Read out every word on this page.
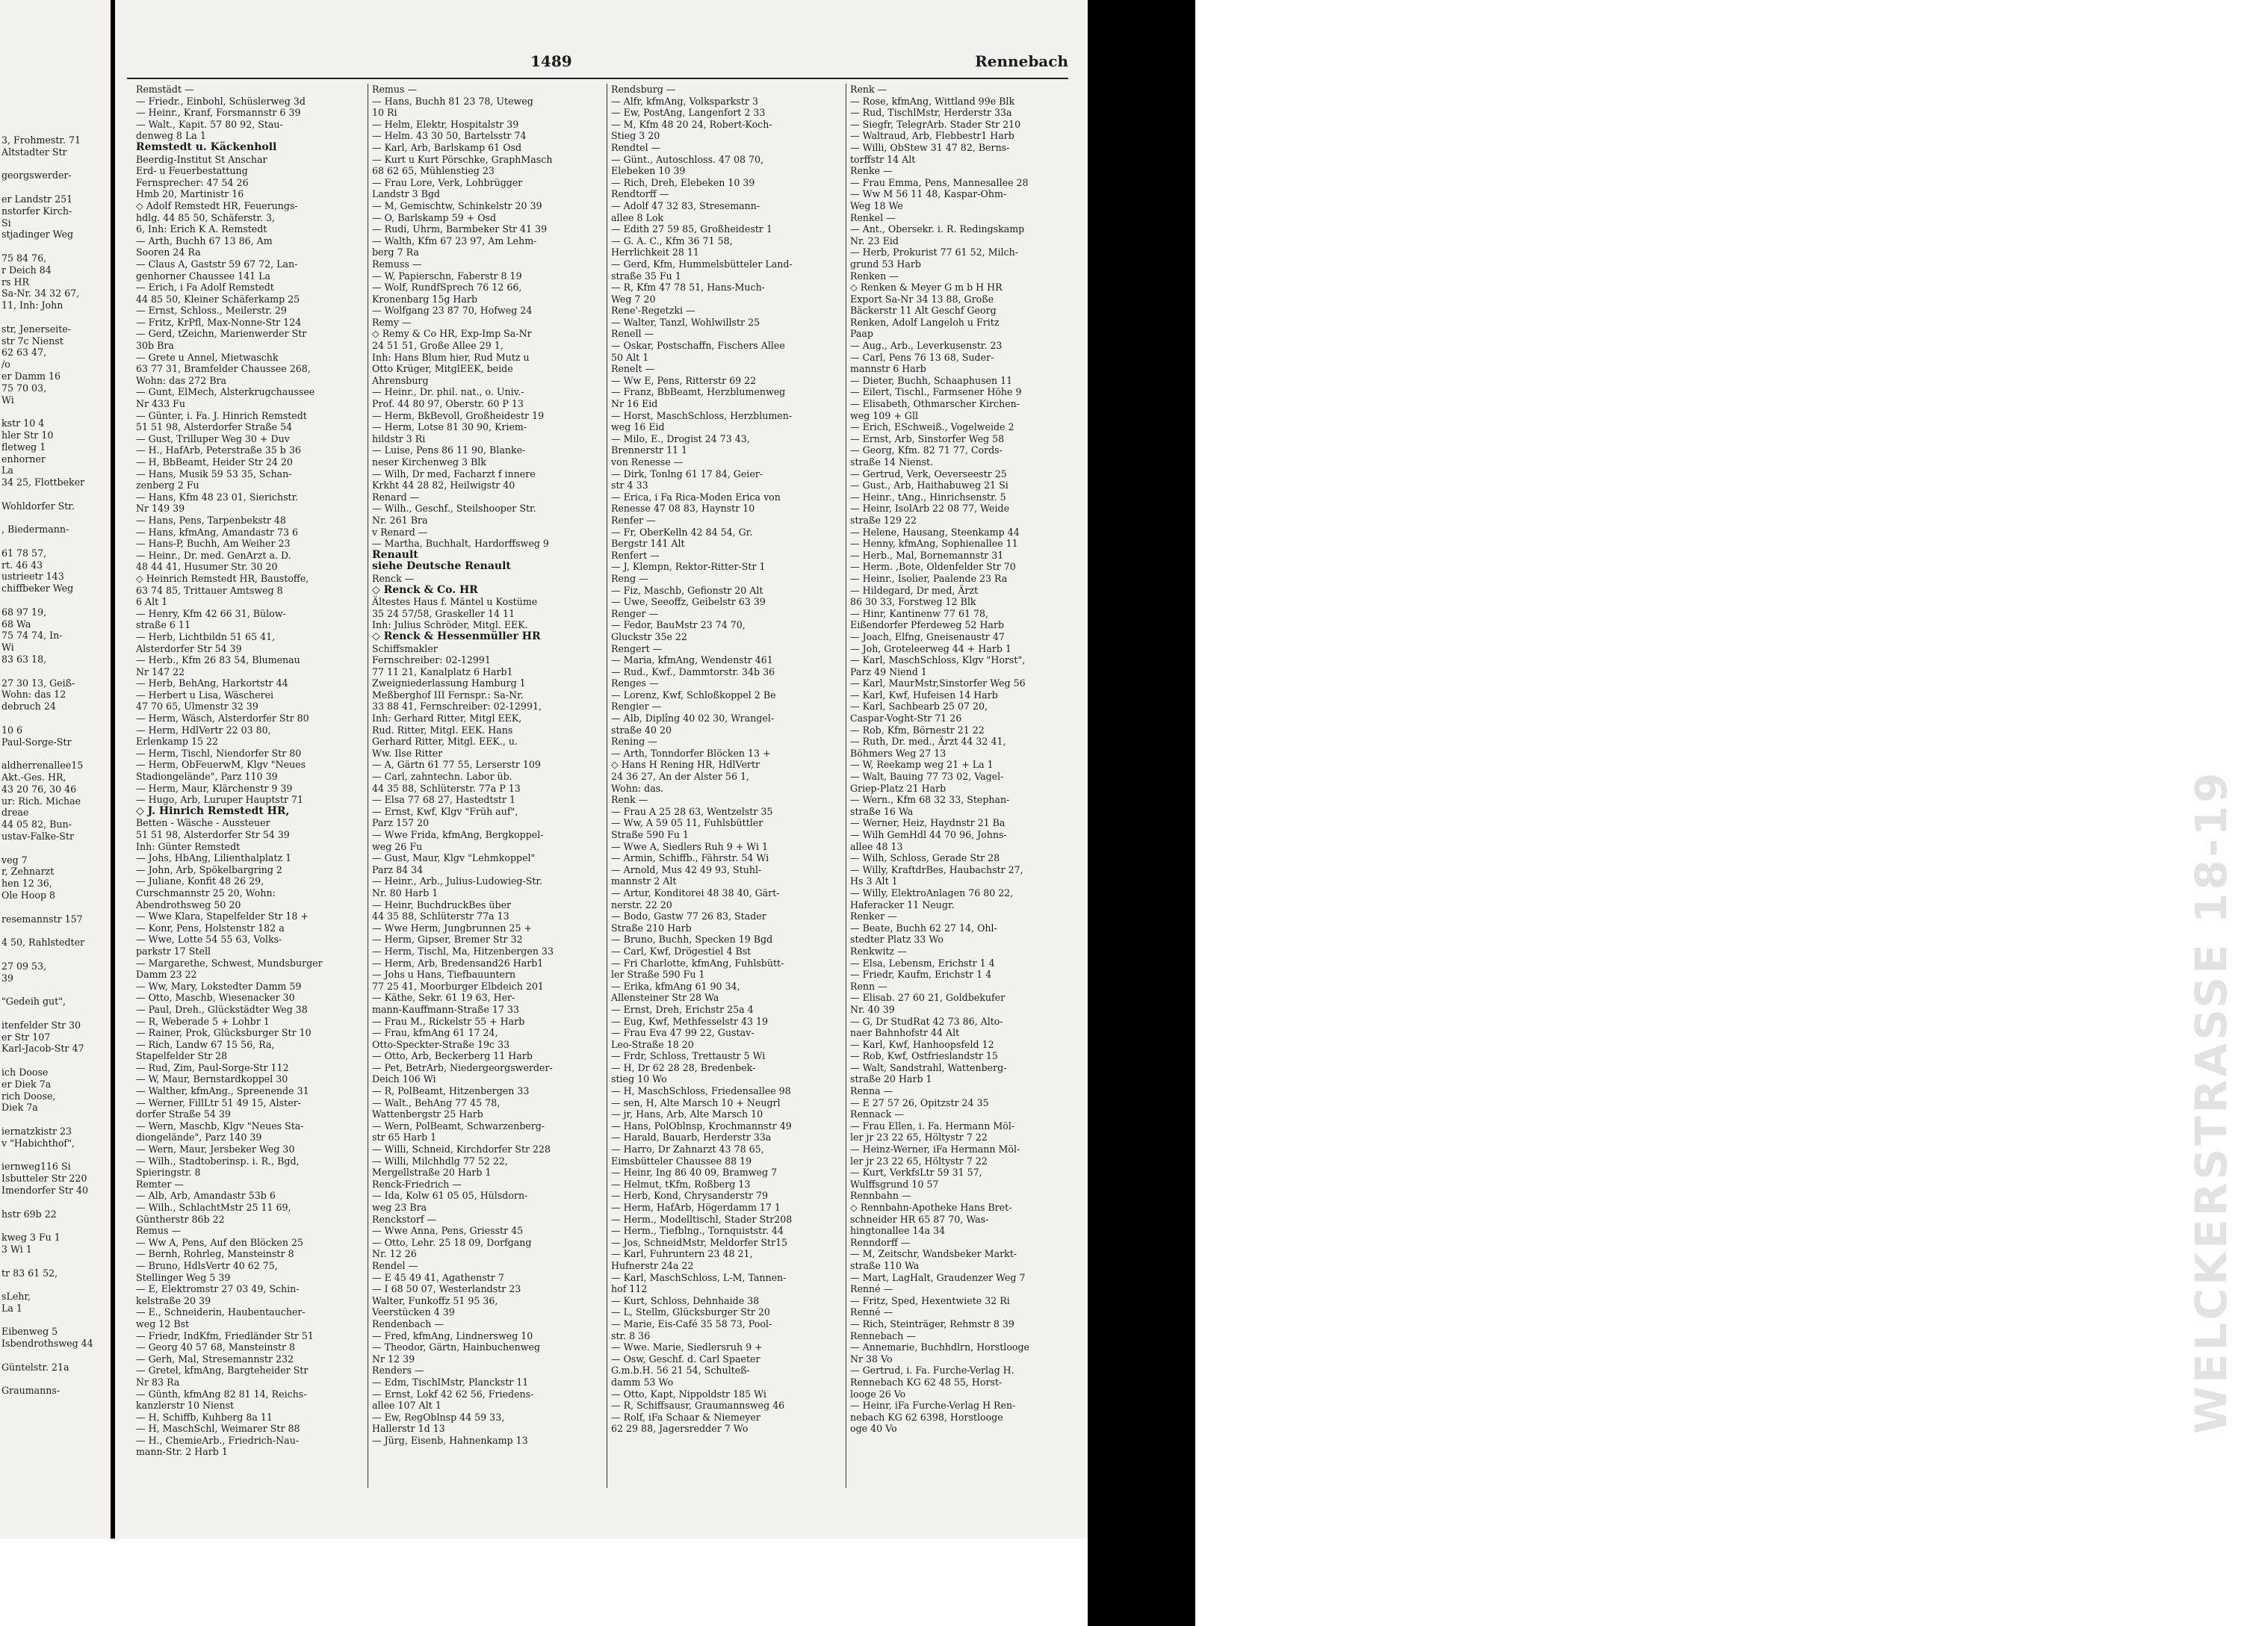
WELCKERSTRASSE 18-19
3, Frohmestr. 71
Altstadter Str

georgswerder-

er Landstr 251
nstorfer Kirch-
Si
stjadinger Weg

75 84 76,
r Deich 84
rs HR
Sa-Nr. 34 32 67,
11, Inh: John

str, Jenerseite-
str 7c Nienst
62 63 47,
/o
er Damm 16
75 70 03,
Wi

kstr 10 4
hler Str 10
fletweg 1
enhorner
La
34 25, Flottbeker

Wohldorfer Str.

, Biedermann-

61 78 57,
rt. 46 43
ustrieetr 143
chiffbeker Weg

68 97 19,
68 Wa
75 74 74, In-
Wi
83 63 18,

27 30 13, Geiß-
Wohn: das 12
debruch 24

10 6
Paul-Sorge-Str

aldherrenallee15
Akt.-Ges. HR,
43 20 76, 30 46
ur: Rich. Michae
dreae
44 05 82, Bun-
ustav-Falke-Str

veg 7
r, Zehnarzt
hen 12 36,
Ole Hoop 8

resemannstr 157

4 50, Rahlstedter

27 09 53,
39

"Gedeih gut",

itenfelder Str 30
er Str 107
Karl-Jacob-Str 47

ich Doose
er Diek 7a
rich Doose,
Diek 7a

iernatzkistr 23
v "Habichthof",

iernweg116 Si
Isbutteler Str 220
Imendorfer Str 40

hstr 69b 22

kweg 3 Fu 1
3 Wi 1

tr 83 61 52,

sLehr,
La 1

Eibenweg 5
Isbendrothsweg 44

Güntelstr. 21a

Graumanns-
1489	Rennebach
Remstädt —
— Friedr., Einbohl, Schüslerweg 3d
— Heinr., Kranf, Forsmannstr 6 39
— Walt., Kapit. 57 80 92, Stau-
denweg 8 La 1
Remstedt u. Käckenholl
Beerdig-Institut St Anschar
Erd- u Feuerbestattung
Fernsprecher: 47 54 26
Hmb 20, Martinistr 16
◇ Adolf Remstedt HR, Feuerungs-
hdlg. 44 85 50, Schäferstr. 3,
6, Inh: Erich K A. Remstedt
— Arth, Buchh 67 13 86, Am
Sooren 24 Ra
— Claus A, Gaststr 59 67 72, Lan-
genhorner Chaussee 141 La
— Erich, i Fa Adolf Remstedt
44 85 50, Kleiner Schäferkamp 25
— Ernst, Schloss., Meilerstr. 29
— Fritz, KrPfl, Max-Nonne-Str 124
— Gerd, tZeichn, Marienwerder Str
30b Bra
— Grete u Annel, Mietwaschk
63 77 31, Bramfelder Chaussee 268,
Wohn: das 272 Bra
— Gunt, ElMech, Alsterkrugchaussee
Nr 433 Fu
— Günter, i. Fa. J. Hinrich Remstedt
51 51 98, Alsterdorfer Straße 54
— Gust, Trilluper Weg 30 + Duv
— H., HafArb, Peterstraße 35 b 36
— H, BbBeamt, Heider Str 24 20
— Hans, Musik 59 53 35, Schan-
zenberg 2 Fu
— Hans, Kfm 48 23 01, Sierichstr.
Nr 149 39
— Hans, Pens, Tarpenbekstr 48
— Hans, kfmAng, Amandastr 73 6
— Hans-P, Buchh, Am Weiher 23
— Heinr., Dr. med. GenArzt a. D.
48 44 41, Husumer Str. 30 20
◇ Heinrich Remstedt HR, Baustoffe,
63 74 85, Trittauer Amtsweg 8
6 Alt 1
— Henry, Kfm 42 66 31, Bülow-
straße 6 11
— Herb, Lichtbildn 51 65 41,
Alsterdorfer Str 54 39
— Herb., Kfm 26 83 54, Blumenau
Nr 147 22
— Herb, BehAng, Harkortstr 44
— Herbert u Lisa, Wäscherei
47 70 65, Ulmenstr 32 39
— Herm, Wäsch, Alsterdorfer Str 80
— Herm, HdlVertr 22 03 80,
Erlenkamp 15 22
— Herm, Tischl, Niendorfer Str 80
— Herm, ObFeuerwM, Klgv "Neues
Stadiongelände", Parz 110 39
— Herm, Maur, Klärchenstr 9 39
— Hugo, Arb, Luruper Hauptstr 71
◇ J. Hinrich Remstedt HR,
Betten - Wäsche - Aussteuer
51 51 98, Alsterdorfer Str 54 39
Inh: Günter Remstedt
— Johs, HbAng, Lilienthalplatz 1
— John, Arb, Spökelbargring 2
— Juliane, Konfit 48 26 29,
Curschmannstr 25 20, Wohn:
Abendrothsweg 50 20
— Wwe Klara, Stapelfelder Str 18 +
— Konr, Pens, Holstenstr 182 a
— Wwe, Lotte 54 55 63, Volks-
parkstr 17 Stell
— Margarethe, Schwest, Mundsburger
Damm 23 22
— Ww, Mary, Lokstedter Damm 59
— Otto, Maschb, Wiesenacker 30
— Paul, Dreh., Glückstädter Weg 38
— R, Weberade 5 + Lohbr 1
— Rainer, Prok, Glücksburger Str 10
— Rich, Landw 67 15 56, Ra,
Stapelfelder Str 28
— Rud, Zim, Paul-Sorge-Str 112
— W, Maur, Bernstardkoppel 30
— Walther, kfmAng., Spreenende 31
— Werner, FillLtr 51 49 15, Alster-
dorfer Straße 54 39
— Wern, Maschb, Klgv "Neues Sta-
diongelände", Parz 140 39
— Wern, Maur, Jersbeker Weg 30
— Wilh., Stadtoberinsp. i. R., Bgd,
Spieringstr. 8
Remter —
— Alb, Arb, Amandastr 53b 6
— Wilh., SchlachtMstr 25 11 69,
Güntherstr 86b 22
Remus —
— Ww A, Pens, Auf den Blöcken 25
— Bernh, Rohrleg, Mansteinstr 8
— Bruno, HdlsVertr 40 62 75,
Stellinger Weg 5 39
— E, Elektromstr 27 03 49, Schin-
kelstraße 20 39
— E., Schneiderin, Haubentaucher-
weg 12 Bst
— Friedr, IndKfm, Friedländer Str 51
— Georg 40 57 68, Mansteinstr 8
— Gerh, Mal, Stresemannstr 232
— Gretel, kfmAng, Bargteheider Str
Nr 83 Ra
— Günth, kfmAng 82 81 14, Reichs-
kanzlerstr 10 Nienst
— H, Schiffb, Kuhberg 8a 11
— H, MaschSchl, Weimarer Str 88
— H., ChemieArb., Friedrich-Nau-
mann-Str. 2 Harb 1
Remus —
— Hans, Buchh 81 23 78, Uteweg
10 Ri
— Helm, Elektr, Hospitalstr 39
— Helm. 43 30 50, Bartelsstr 74
— Karl, Arb, Barlskamp 61 Osd
— Kurt u Kurt Pörschke, GraphMasch
68 62 65, Mühlenstieg 23
— Frau Lore, Verk, Lohbrügger
Landstr 3 Bgd
— M, Gemischtw, Schinkelstr 20 39
— O, Barlskamp 59 + Osd
— Rudi, Uhrm, Barmbeker Str 41 39
— Walth, Kfm 67 23 97, Am Lehm-
berg 7 Ra
Remuss —
— W, Papierschn, Faberstr 8 19
— Wolf, RundfSprech 76 12 66,
Kronenbarg 15g Harb
— Wolfgang 23 87 70, Hofweg 24
Remy —
◇ Remy & Co HR, Exp-Imp Sa-Nr
24 51 51, Große Allee 29 1,
Inh: Hans Blum hier, Rud Mutz u
Otto Krüger, MitglEEK, beide
Ahrensburg
— Heinr., Dr. phil. nat., o. Univ.-
Prof. 44 80 97, Oberstr. 60 P 13
— Herm, BkBevoll, Großheidestr 19
— Herm, Lotse 81 30 90, Kriem-
hildstr 3 Ri
— Luise, Pens 86 11 90, Blanke-
neser Kirchenweg 3 Blk
— Wilh, Dr med, Facharzt f innere
Krkht 44 28 82, Heilwigstr 40
Renard —
— Wilh., Geschf., Steilshooper Str.
Nr. 261 Bra
v Renard —
— Martha, Buchhalt, Hardorffsweg 9
Renault
siehe Deutsche Renault
Renck —
◇ Renck & Co. HR
Ältestes Haus f. Mäntel u Kostüme
35 24 57/58, Graskeller 14 11
Inh: Julius Schröder, Mitgl. EEK.
◇ Renck & Hessenmüller HR
Schiffsmakler
Fernschreiber: 02-12991
77 11 21, Kanalplatz 6 Harb1
Zweigniederlassung Hamburg 1
Meßberghof III Fernspr.: Sa-Nr.
33 88 41, Fernschreiber: 02-12991,
Inh: Gerhard Ritter, Mitgl EEK,
Rud. Ritter, Mitgl. EEK. Hans
Gerhard Ritter, Mitgl. EEK., u.
Ww. Ilse Ritter
— A, Gärtn 61 77 55, Lerserstr 109
— Carl, zahntechn. Labor üb.
44 35 88, Schlüterstr. 77a P 13
— Elsa 77 68 27, Hastedtstr 1
— Ernst, Kwf, Klgv "Früh auf",
Parz 157 20
— Wwe Frida, kfmAng, Bergkoppel-
weg 26 Fu
— Gust, Maur, Klgv "Lehmkoppel"
Parz 84 34
— Heinr., Arb., Julius-Ludowieg-Str.
Nr. 80 Harb 1
— Heinr, BuchdruckBes über
44 35 88, Schlüterstr 77a 13
— Wwe Herm, Jungbrunnen 25 +
— Herm, Gipser, Bremer Str 32
— Herm, Tischl, Ma, Hitzenbergen 33
— Herm, Arb, Bredensand26 Harb1
— Johs u Hans, Tiefbauuntern
77 25 41, Moorburger Elbdeich 201
— Käthe, Sekr. 61 19 63, Her-
mann-Kauffmann-Straße 17 33
— Frau M., Rickelstr 55 + Harb
— Frau, kfmAng 61 17 24,
Otto-Speckter-Straße 19c 33
— Otto, Arb, Beckerberg 11 Harb
— Pet, BetrArb, Niedergeorgswerder-
Deich 106 Wi
— R, PolBeamt, Hitzenbergen 33
— Walt., BehAng 77 45 78,
Wattenbergstr 25 Harb
— Wern, PolBeamt, Schwarzenberg-
str 65 Harb 1
— Willi, Schneid, Kirchdorfer Str 228
— Willi, Milchhdlg 77 52 22,
Mergellstraße 20 Harb 1
Renck-Friedrich —
— Ida, Kolw 61 05 05, Hülsdorn-
weg 23 Bra
Renckstorf —
— Wwe Anna, Pens, Griesstr 45
— Otto, Lehr. 25 18 09, Dorfgang
Nr. 12 26
Rendel —
— E 45 49 41, Agathenstr 7
— I 68 50 07, Westerlandstr 23
Walter, Funkoffz 51 95 36,
Veerstücken 4 39
Rendenbach —
— Fred, kfmAng, Lindnersweg 10
— Theodor, Gärtn, Hainbuchenweg
Nr 12 39
Renders —
— Edm, TischlMstr, Planckstr 11
— Ernst, Lokf 42 62 56, Friedens-
allee 107 Alt 1
— Ew, RegOblnsp 44 59 33,
Hallerstr 1d 13
— Jürg, Eisenb, Hahnenkamp 13
Rendsburg —
— Alfr, kfmAng, Volksparkstr 3
— Ew, PostAng, Langenfort 2 33
— M, Kfm 48 20 24, Robert-Koch-
Stieg 3 20
Rendtel —
— Günt., Autoschloss. 47 08 70,
Elebeken 10 39
— Rich, Dreh, Elebeken 10 39
Rendtorff —
— Adolf 47 32 83, Stresemann-
allee 8 Lok
— Edith 27 59 85, Großheidestr 1
— G. A. C., Kfm 36 71 58,
Herrlichkeit 28 11
— Gerd, Kfm, Hummelsbütteler Land-
straße 35 Fu 1
— R, Kfm 47 78 51, Hans-Much-
Weg 7 20
Rene'-Regetzki —
— Walter, Tanzl, Wohlwillstr 25
Renell —
— Oskar, Postschaffn, Fischers Allee
50 Alt 1
Renelt —
— Ww E, Pens, Ritterstr 69 22
— Franz, BbBeamt, Herzblumenweg
Nr 16 Eid
— Horst, MaschSchloss, Herzblumen-
weg 16 Eid
— Milo, E., Drogist 24 73 43,
Brennerstr 11 1
von Renesse —
— Dirk, Tonlng 61 17 84, Geier-
str 4 33
— Erica, i Fa Rica-Moden Erica von
Renesse 47 08 83, Haynstr 10
Renfer —
— Fr, OberKelln 42 84 54, Gr.
Bergstr 141 Alt
Renfert —
— J, Klempn, Rektor-Ritter-Str 1
Reng —
— Fiz, Maschb, Gefionstr 20 Alt
— Uwe, Seeoffz, Geibelstr 63 39
Renger —
— Fedor, BauMstr 23 74 70,
Gluckstr 35e 22
Rengert —
— Maria, kfmAng, Wendenstr 461
— Rud., Kwf., Dammtorstr. 34b 36
Renges —
— Lorenz, Kwf, Schloßkoppel 2 Be
Rengier —
— Alb, Diplîng 40 02 30, Wrangel-
straße 40 20
Rening —
— Arth, Tonndorfer Blöcken 13 +
◇ Hans H Rening HR, HdlVertr
24 36 27, An der Alster 56 1,
Wohn: das.
Renk —
— Frau A 25 28 63, Wentzelstr 35
— Ww, A 59 05 11, Fuhlsbüttler
Straße 590 Fu 1
— Wwe A, Siedlers Ruh 9 + Wi 1
— Armin, Schiffb., Fährstr. 54 Wi
— Arnold, Mus 42 49 93, Stuhl-
mannstr 2 Alt
— Artur, Konditorei 48 38 40, Gärt-
nerstr. 22 20
— Bodo, Gastw 77 26 83, Stader
Straße 210 Harb
— Bruno, Buchh, Specken 19 Bgd
— Carl, Kwf, Drögestiel 4 Bst
— Fri Charlotte, kfmAng, Fuhlsbütt-
ler Straße 590 Fu 1
— Erika, kfmAng 61 90 34,
Allensteiner Str 28 Wa
— Ernst, Dreh, Erichstr 25a 4
— Eug, Kwf, Methfesselstr 43 19
— Frau Eva 47 99 22, Gustav-
Leo-Straße 18 20
— Frdr, Schloss, Trettaustr 5 Wi
— H, Dr 62 28 28, Bredenbek-
stieg 10 Wo
— H, MaschSchloss, Friedensallee 98
— sen, H, Alte Marsch 10 + Neugrl
— jr, Hans, Arb, Alte Marsch 10
— Hans, PolOblnsp, Krochmannstr 49
— Harald, Bauarb, Herderstr 33a
— Harro, Dr Zahnarzt 43 78 65,
Eimsbütteler Chaussee 88 19
— Heinr, Ing 86 40 09, Bramweg 7
— Helmut, tKfm, Roßberg 13
— Herb, Kond, Chrysanderstr 79
— Herm, HafArb, Högerdamm 17 1
— Herm., Modelltischl, Stader Str208
— Herm., Tiefblng., Tornquiststr. 44
— Jos, SchneidMstr, Meldorfer Str15
— Karl, Fuhruntern 23 48 21,
Hufnerstr 24a 22
— Karl, MaschSchloss, L-M, Tannen-
hof 112
— Kurt, Schloss, Dehnhaide 38
— L, Stellm, Glücksburger Str 20
— Marie, Eis-Café 35 58 73, Pool-
str. 8 36
— Wwe. Marie, Siedlersruh 9 +
— Osw, Geschf. d. Carl Spaeter
G.m.b.H. 56 21 54, Schulteß-
damm 53 Wo
— Otto, Kapt, Nippoldstr 185 Wi
— R, Schiffsausr, Graumannsweg 46
— Rolf, iFa Schaar & Niemeyer
62 29 88, Jagersredder 7 Wo
Renk —
— Rose, kfmAng, Wittland 99e Blk
— Rud, TischlMstr, Herderstr 33a
— Siegfr, TelegrArb. Stader Str 210
— Waltraud, Arb, Flebbestr1 Harb
— Willi, ObStew 31 47 82, Berns-
torffstr 14 Alt
Renke —
— Frau Emma, Pens, Mannesallee 28
— Ww M 56 11 48, Kaspar-Ohm-
Weg 18 We
Renkel —
— Ant., Obersekr. i. R. Redingskamp
Nr. 23 Eid
— Herb, Prokurist 77 61 52, Milch-
grund 53 Harb
Renken —
◇ Renken & Meyer G m b H HR
Export Sa-Nr 34 13 88, Große
Bäckerstr 11 Alt Geschf Georg
Renken, Adolf Langeloh u Fritz
Paap
— Aug., Arb., Leverkusenstr. 23
— Carl, Pens 76 13 68, Suder-
mannstr 6 Harb
— Dieter, Buchh, Schaaphusen 11
— Eilert, Tischl., Farmsener Höhe 9
— Elisabeth, Othmarscher Kirchen-
weg 109 + Gll
— Erich, ESchweiß., Vogelweide 2
— Ernst, Arb, Sinstorfer Weg 58
— Georg, Kfm. 82 71 77, Cords-
straße 14 Nienst.
— Gertrud, Verk, Oeverseestr 25
— Gust., Arb, Haithabuweg 21 Si
— Heinr., tAng., Hinrichsenstr. 5
— Heinr, IsolArb 22 08 77, Weide
straße 129 22
— Helene, Hausang, Steenkamp 44
— Henny, kfmAng, Sophienallee 11
— Herb., Mal, Bornemannstr 31
— Herm. ,Bote, Oldenfelder Str 70
— Heinr., Isolier, Paalende 23 Ra
— Hildegard, Dr med, Ärzt
86 30 33, Forstweg 12 Blk
— Hinr, Kantinenw 77 61 78,
Eißendorfer Pferdeweg 52 Harb
— Joach, Elfng, Gneisenaustr 47
— Joh, Groteleerweg 44 + Harb 1
— Karl, MaschSchloss, Klgv "Horst",
Parz 49 Niend 1
— Karl, MaurMstr,Sinstorfer Weg 56
— Karl, Kwf, Hufeisen 14 Harb
— Karl, Sachbearb 25 07 20,
Caspar-Voght-Str 71 26
— Rob, Kfm, Börnestr 21 22
— Ruth, Dr. med., Ärzt 44 32 41,
Böhmers Weg 27 13
— W, Reekamp weg 21 + La 1
— Walt, Bauing 77 73 02, Vagel-
Griep-Platz 21 Harb
— Wern., Kfm 68 32 33, Stephan-
straße 16 Wa
— Werner, Heiz, Haydnstr 21 Ba
— Wilh GemHdl 44 70 96, Johns-
allee 48 13
— Wilh, Schloss, Gerade Str 28
— Willy, KraftdrBes, Haubachstr 27,
Hs 3 Alt 1
— Willy, ElektroAnlagen 76 80 22,
Haferacker 11 Neugr.
Renker —
— Beate, Buchh 62 27 14, Ohl-
stedter Platz 33 Wo
Renkwitz —
— Elsa, Lebensm, Erichstr 1 4
— Friedr, Kaufm, Erichstr 1 4
Renn —
— Elisab. 27 60 21, Goldbekufer
Nr. 40 39
— G, Dr StudRat 42 73 86, Alto-
naer Bahnhofstr 44 Alt
— Karl, Kwf, Hanhoopsfeld 12
— Rob, Kwf, Ostfrieslandstr 15
— Walt, Sandstrahl, Wattenberg-
straße 20 Harb 1
Renna —
— E 27 57 26, Opitzstr 24 35
Rennack —
— Frau Ellen, i. Fa. Hermann Möl-
ler jr 23 22 65, Höltystr 7 22
— Heinz-Werner, iFa Hermann Möl-
ler jr 23 22 65, Höltystr 7 22
— Kurt, VerkfsLtr 59 31 57,
Wulffsgrund 10 57
Rennbahn —
◇ Rennbahn-Apotheke Hans Bret-
schneider HR 65 87 70, Was-
hingtonallee 14a 34
Renndorff —
— M, Zeitschr, Wandsbeker Markt-
straße 110 Wa
— Mart, LagHalt, Graudenzer Weg 7
Renné —
— Fritz, Sped, Hexentwiete 32 Ri
Renné —
— Rich, Steinträger, Rehmstr 8 39
Rennebach —
— Annemarie, Buchhdlrn, Horstlooge
Nr 38 Vo
— Gertrud, i. Fa. Furche-Verlag H.
Rennebach KG 62 48 55, Horst-
looge 26 Vo
— Heinr, iFa Furche-Verlag H Ren-
nebach KG 62 6398, Horstlooge
oge 40 Vo
